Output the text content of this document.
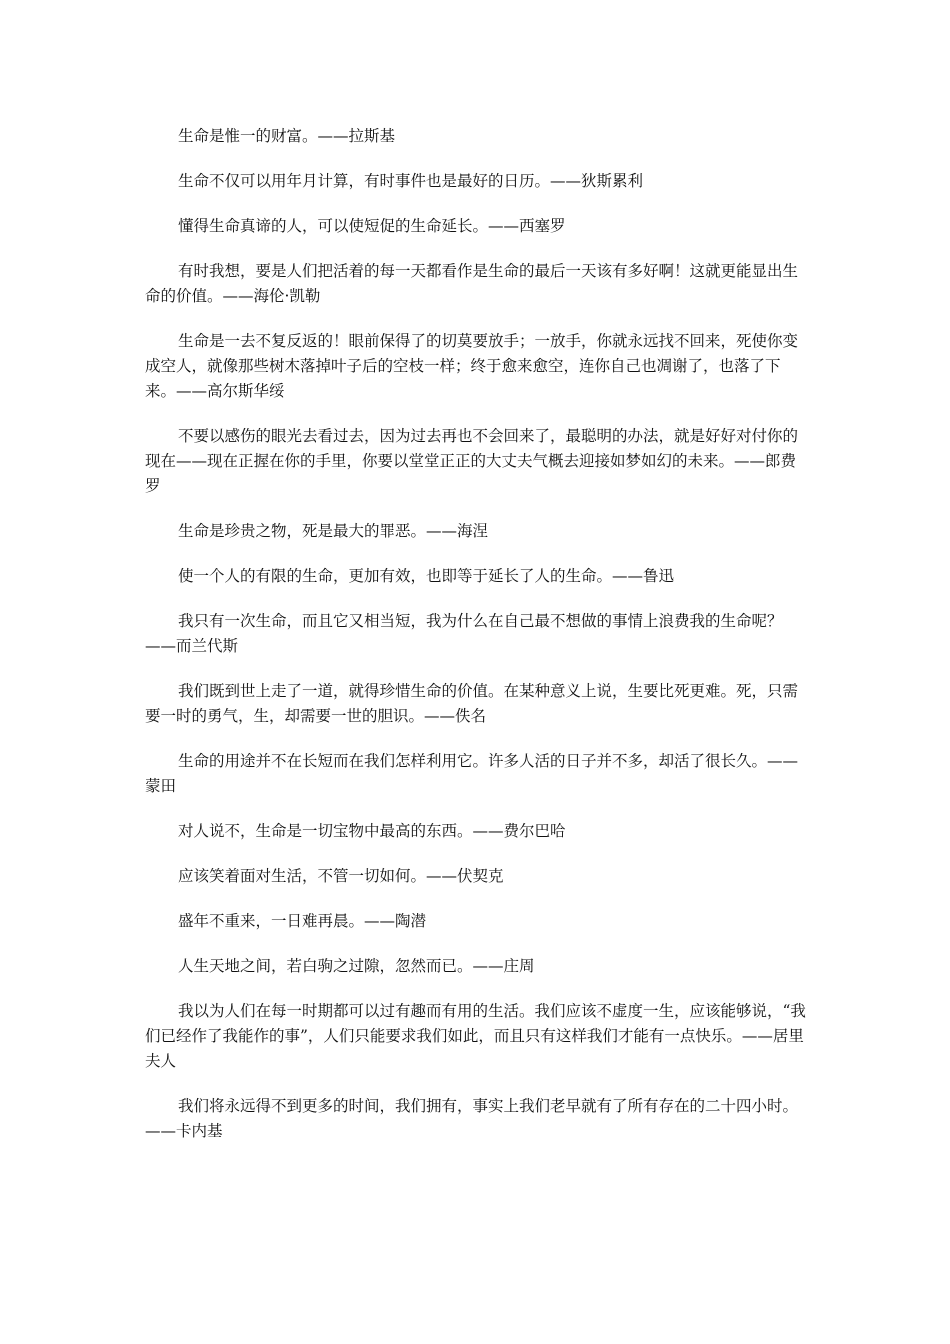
生命是惟一的财富。——拉斯基

生命不仅可以用年月计算，有时事件也是最好的日历。——狄斯累利

懂得生命真谛的人，可以使短促的生命延长。——西塞罗

有时我想，要是人们把活着的每一天都看作是生命的最后一天该有多好啊！这就更能显出生命的价值。——海伦·凯勒

生命是一去不复反返的！眼前保得了的切莫要放手；一放手，你就永远找不回来，死使你变成空人，就像那些树木落掉叶子后的空枝一样；终于愈来愈空，连你自己也凋谢了，也落了下来。——高尔斯华绥

不要以感伤的眼光去看过去，因为过去再也不会回来了，最聪明的办法，就是好好对付你的现在——现在正握在你的手里，你要以堂堂正正的大丈夫气概去迎接如梦如幻的未来。——郎费罗

生命是珍贵之物，死是最大的罪恶。——海涅

使一个人的有限的生命，更加有效，也即等于延长了人的生命。——鲁迅

我只有一次生命，而且它又相当短，我为什么在自己最不想做的事情上浪费我的生命呢？——而兰代斯

我们既到世上走了一道，就得珍惜生命的价值。在某种意义上说，生要比死更难。死，只需要一时的勇气，生，却需要一世的胆识。——佚名

生命的用途并不在长短而在我们怎样利用它。许多人活的日子并不多，却活了很长久。——蒙田

对人说不，生命是一切宝物中最高的东西。——费尔巴哈

应该笑着面对生活，不管一切如何。——伏契克

盛年不重来，一日难再晨。——陶潜

人生天地之间，若白驹之过隙，忽然而已。——庄周

我以为人们在每一时期都可以过有趣而有用的生活。我们应该不虚度一生，应该能够说，“我们已经作了我能作的事”，人们只能要求我们如此，而且只有这样我们才能有一点快乐。——居里夫人

我们将永远得不到更多的时间，我们拥有，事实上我们老早就有了所有存在的二十四小时。——卡内基
